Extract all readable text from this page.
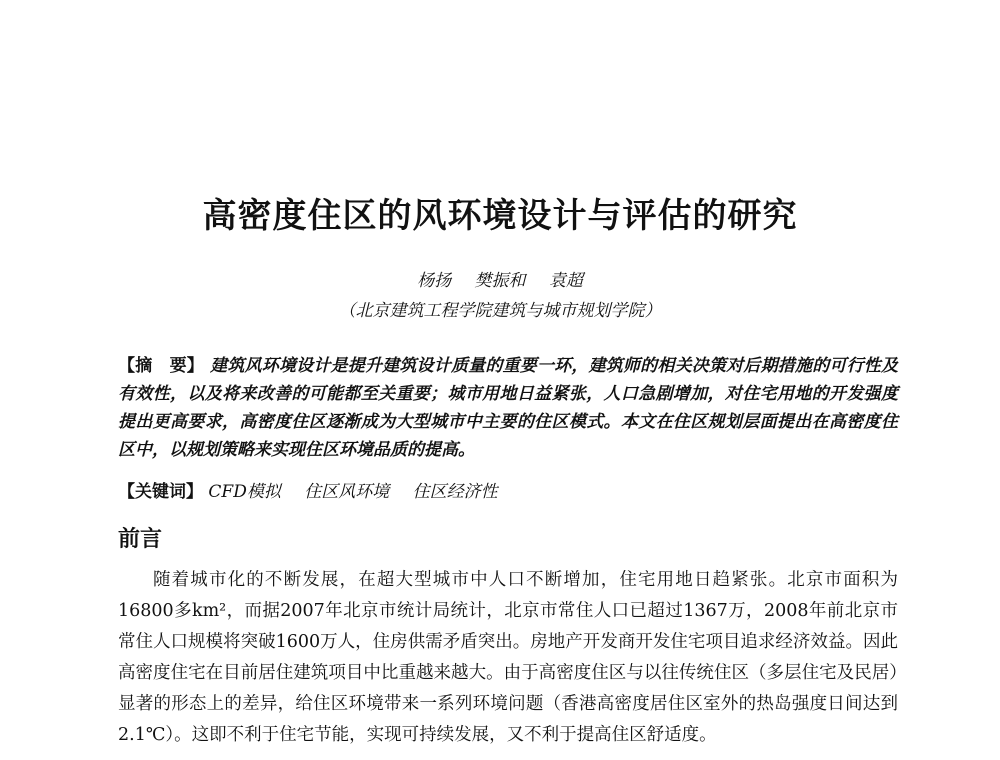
高密度住区的风环境设计与评估的研究
杨扬 樊振和 袁超
（北京建筑工程学院建筑与城市规划学院）
【摘　要】 建筑风环境设计是提升建筑设计质量的重要一环，建筑师的相关决策对后期措施的可行性及有效性，以及将来改善的可能都至关重要；城市用地日益紧张，人口急剧增加，对住宅用地的开发强度提出更高要求，高密度住区逐渐成为大型城市中主要的住区模式。本文在住区规划层面提出在高密度住区中，以规划策略来实现住区环境品质的提高。
【关键词】 CFD模拟 住区风环境 住区经济性
前言
随着城市化的不断发展，在超大型城市中人口不断增加，住宅用地日趋紧张。北京市面积为16800多km²，而据2007年北京市统计局统计，北京市常住人口已超过1367万，2008年前北京市常住人口规模将突破1600万人，住房供需矛盾突出。房地产开发商开发住宅项目追求经济效益。因此高密度住宅在目前居住建筑项目中比重越来越大。由于高密度住区与以往传统住区（多层住宅及民居）显著的形态上的差异，给住区环境带来一系列环境问题（香港高密度居住区室外的热岛强度日间达到2.1℃）。这即不利于住宅节能，实现可持续发展，又不利于提高住区舒适度。
